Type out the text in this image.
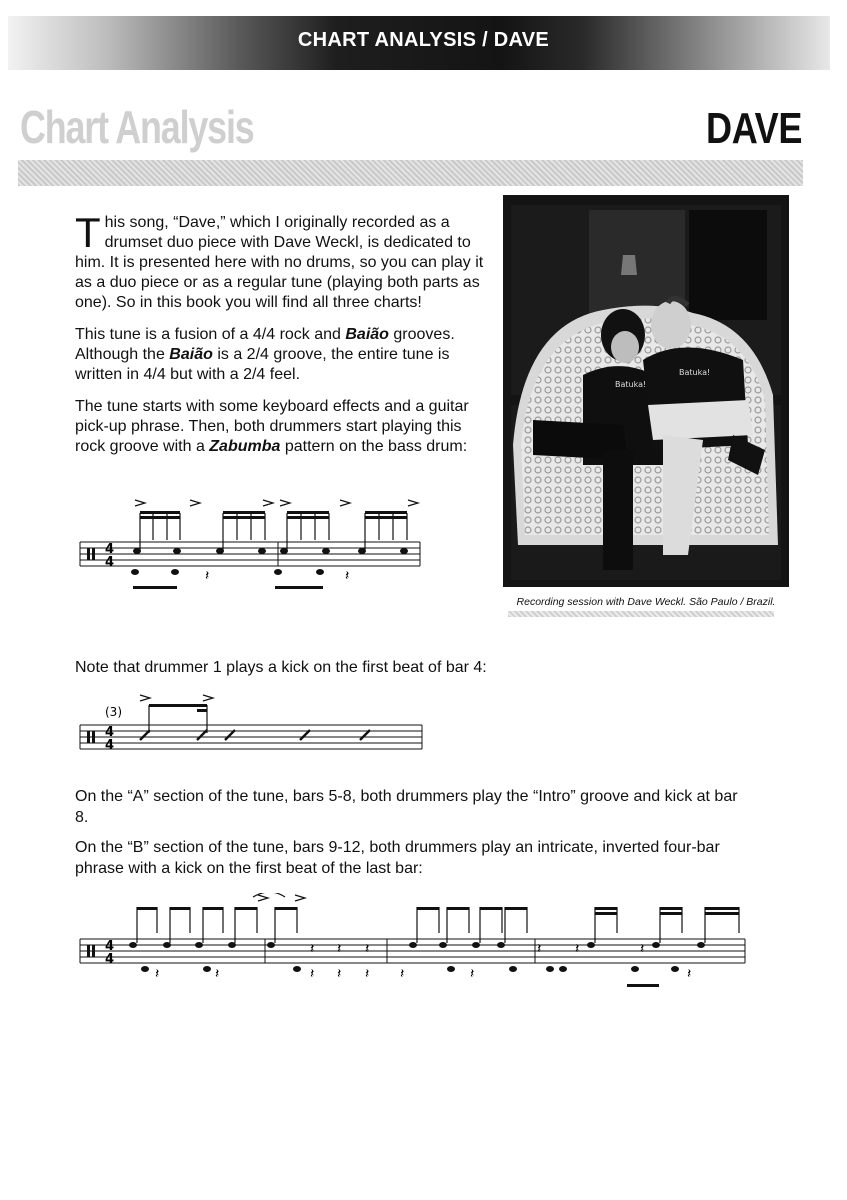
CHART ANALYSIS / DAVE
Chart Analysis	DAVE

This song, “Dave,” which I originally recorded as a drumset duo piece with Dave Weckl, is dedicated to him. It is presented here with no drums, so you can play it as a duo piece or as a regular tune (playing both parts as one). So in this book you will find all three charts!

This tune is a fusion of a 4/4 rock and Baião grooves. Although the Baião is a 2/4 groove, the entire tune is written in 4/4 but with a 2/4 feel.

The tune starts with some keyboard effects and a guitar pick-up phrase. Then, both drummers start playing this rock groove with a Zabumba pattern on the bass drum:

Batuka!
Batuka!
Recording session with Dave Weckl. São Paulo / Brazil.
4
4
𝄽	𝄽

Note that drummer 1 plays a kick on the first beat of bar 4:

(3)
4
4

On the “A” section of the tune, bars 5-8, both drummers play the “Intro” groove and kick at bar 8.

On the “B” section of the tune, bars 9-12, both drummers play an intricate, inverted four-bar phrase with a kick on the first beat of the last bar:

4
4
𝄽	𝄽	𝄽 𝄽 𝄽 𝄽
𝄽 𝄽 𝄽
𝄽
𝄽 𝄽	𝄽
𝄽
